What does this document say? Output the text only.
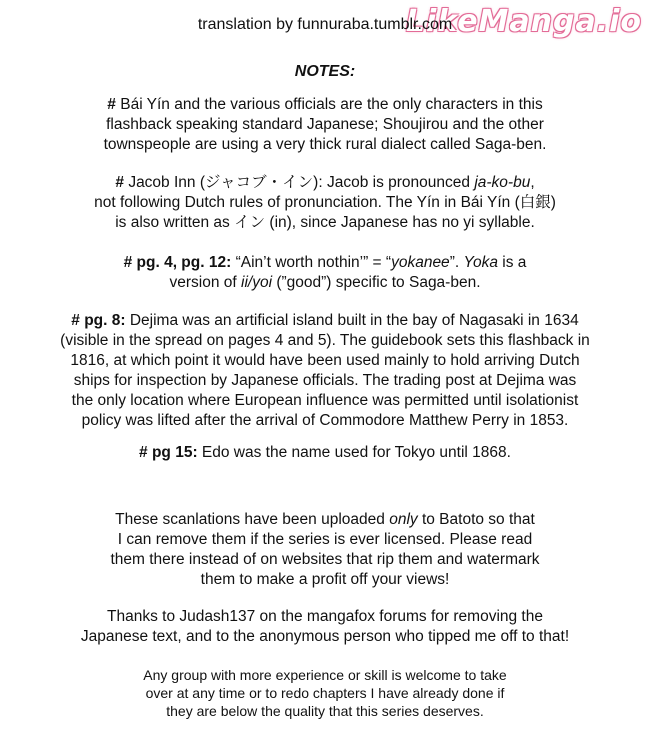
LikeManga.io
translation by funnuraba.tumblr.com
NOTES:
# Bái Yín and the various officials are the only characters in this
flashback speaking standard Japanese; Shoujirou and the other
townspeople are using a very thick rural dialect called Saga-ben.
# Jacob Inn (ジャコブ・イン): Jacob is pronounced ja-ko-bu,
not following Dutch rules of pronunciation. The Yín in Bái Yín (白銀)
is also written as イン (in), since Japanese has no yi syllable.
# pg. 4, pg. 12: “Ain’t worth nothin’” = “yokanee”. Yoka is a
version of ii/yoi (”good”) specific to Saga-ben.
# pg. 8: Dejima was an artificial island built in the bay of Nagasaki in 1634
(visible in the spread on pages 4 and 5). The guidebook sets this flashback in
1816, at which point it would have been used mainly to hold arriving Dutch
ships for inspection by Japanese officials. The trading post at Dejima was
the only location where European influence was permitted until isolationist
policy was lifted after the arrival of Commodore Matthew Perry in 1853.
# pg 15: Edo was the name used for Tokyo until 1868.
These scanlations have been uploaded only to Batoto so that
I can remove them if the series is ever licensed. Please read
them there instead of on websites that rip them and watermark
them to make a profit off your views!
Thanks to Judash137 on the mangafox forums for removing the
Japanese text, and to the anonymous person who tipped me off to that!
Any group with more experience or skill is welcome to take
over at any time or to redo chapters I have already done if
they are below the quality that this series deserves.
